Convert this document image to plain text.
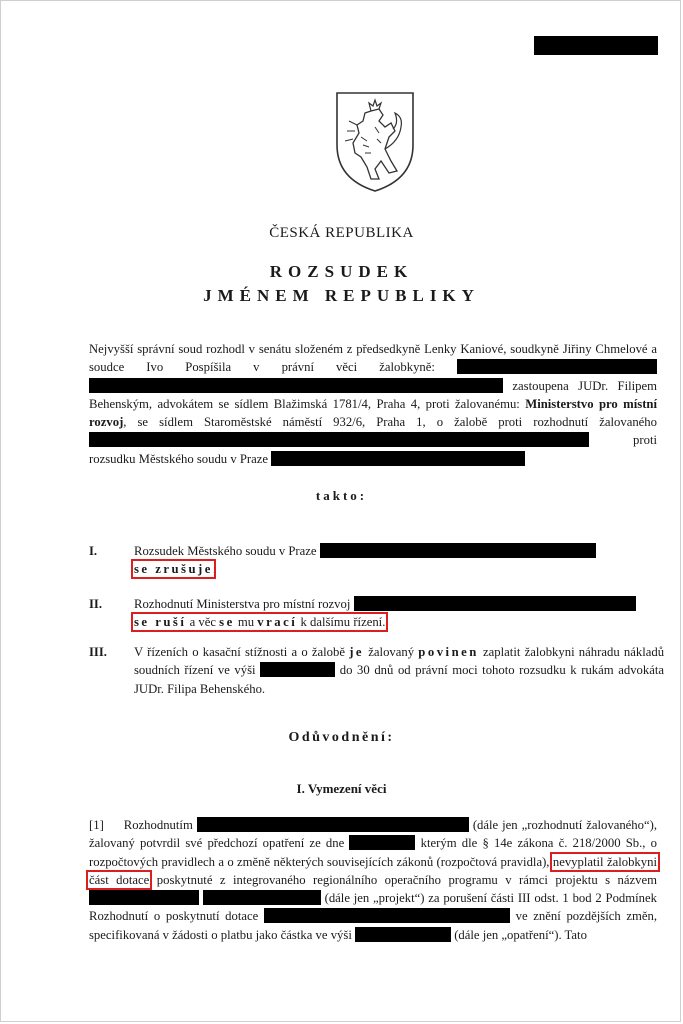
ČESKÁ REPUBLIKA
ROZSUDEK
JMÉNEM REPUBLIKY
Nejvyšší správní soud rozhodl v senátu složeném z předsedkyně Lenky Kaniové, soudkyně Jiřiny Chmelové a soudce Ivo Pospíšila v právní věci žalobkyně:   zastoupena JUDr. Filipem Behenským, advokátem se sídlem Blažimská 1781/4, Praha 4, proti žalovanému: Ministerstvo pro místní rozvoj, se sídlem Staroměstské náměstí 932/6, Praha 1, o žalobě proti rozhodnutí žalovaného  proti rozsudku Městského soudu v Praze
takto:
I.	Rozsudek Městského soudu v Praze
se zrušuje.
II.	Rozhodnutí Ministerstva pro místní rozvoj
se ruší a věc se mu vrací k dalšímu řízení.
III. V řízeních o kasační stížnosti a o žalobě je žalovaný povinen zaplatit žalobkyni náhradu nákladů soudních řízení ve výši	do 30 dnů od právní moci tohoto rozsudku k rukám advokáta JUDr. Filipa Behenského.
Odůvodnění:
I. Vymezení věci
[1] Rozhodnutím	(dále jen „rozhodnutí žalovaného“), žalovaný potvrdil své předchozí opatření ze dne	kterým dle § 14e zákona č. 218/2000 Sb., o rozpočtových pravidlech a o změně některých souvisejících zákonů (rozpočtová pravidla), nevyplatil žalobkyni část dotace poskytnuté z integrovaného regionálního operačního programu v rámci projektu s názvem   (dále jen „projekt“) za porušení části III odst. 1 bod 2 Podmínek Rozhodnutí o poskytnutí dotace	ve znění pozdějších změn, specifikovaná v žádosti o platbu jako částka ve výši	(dále jen „opatření“). Tato
